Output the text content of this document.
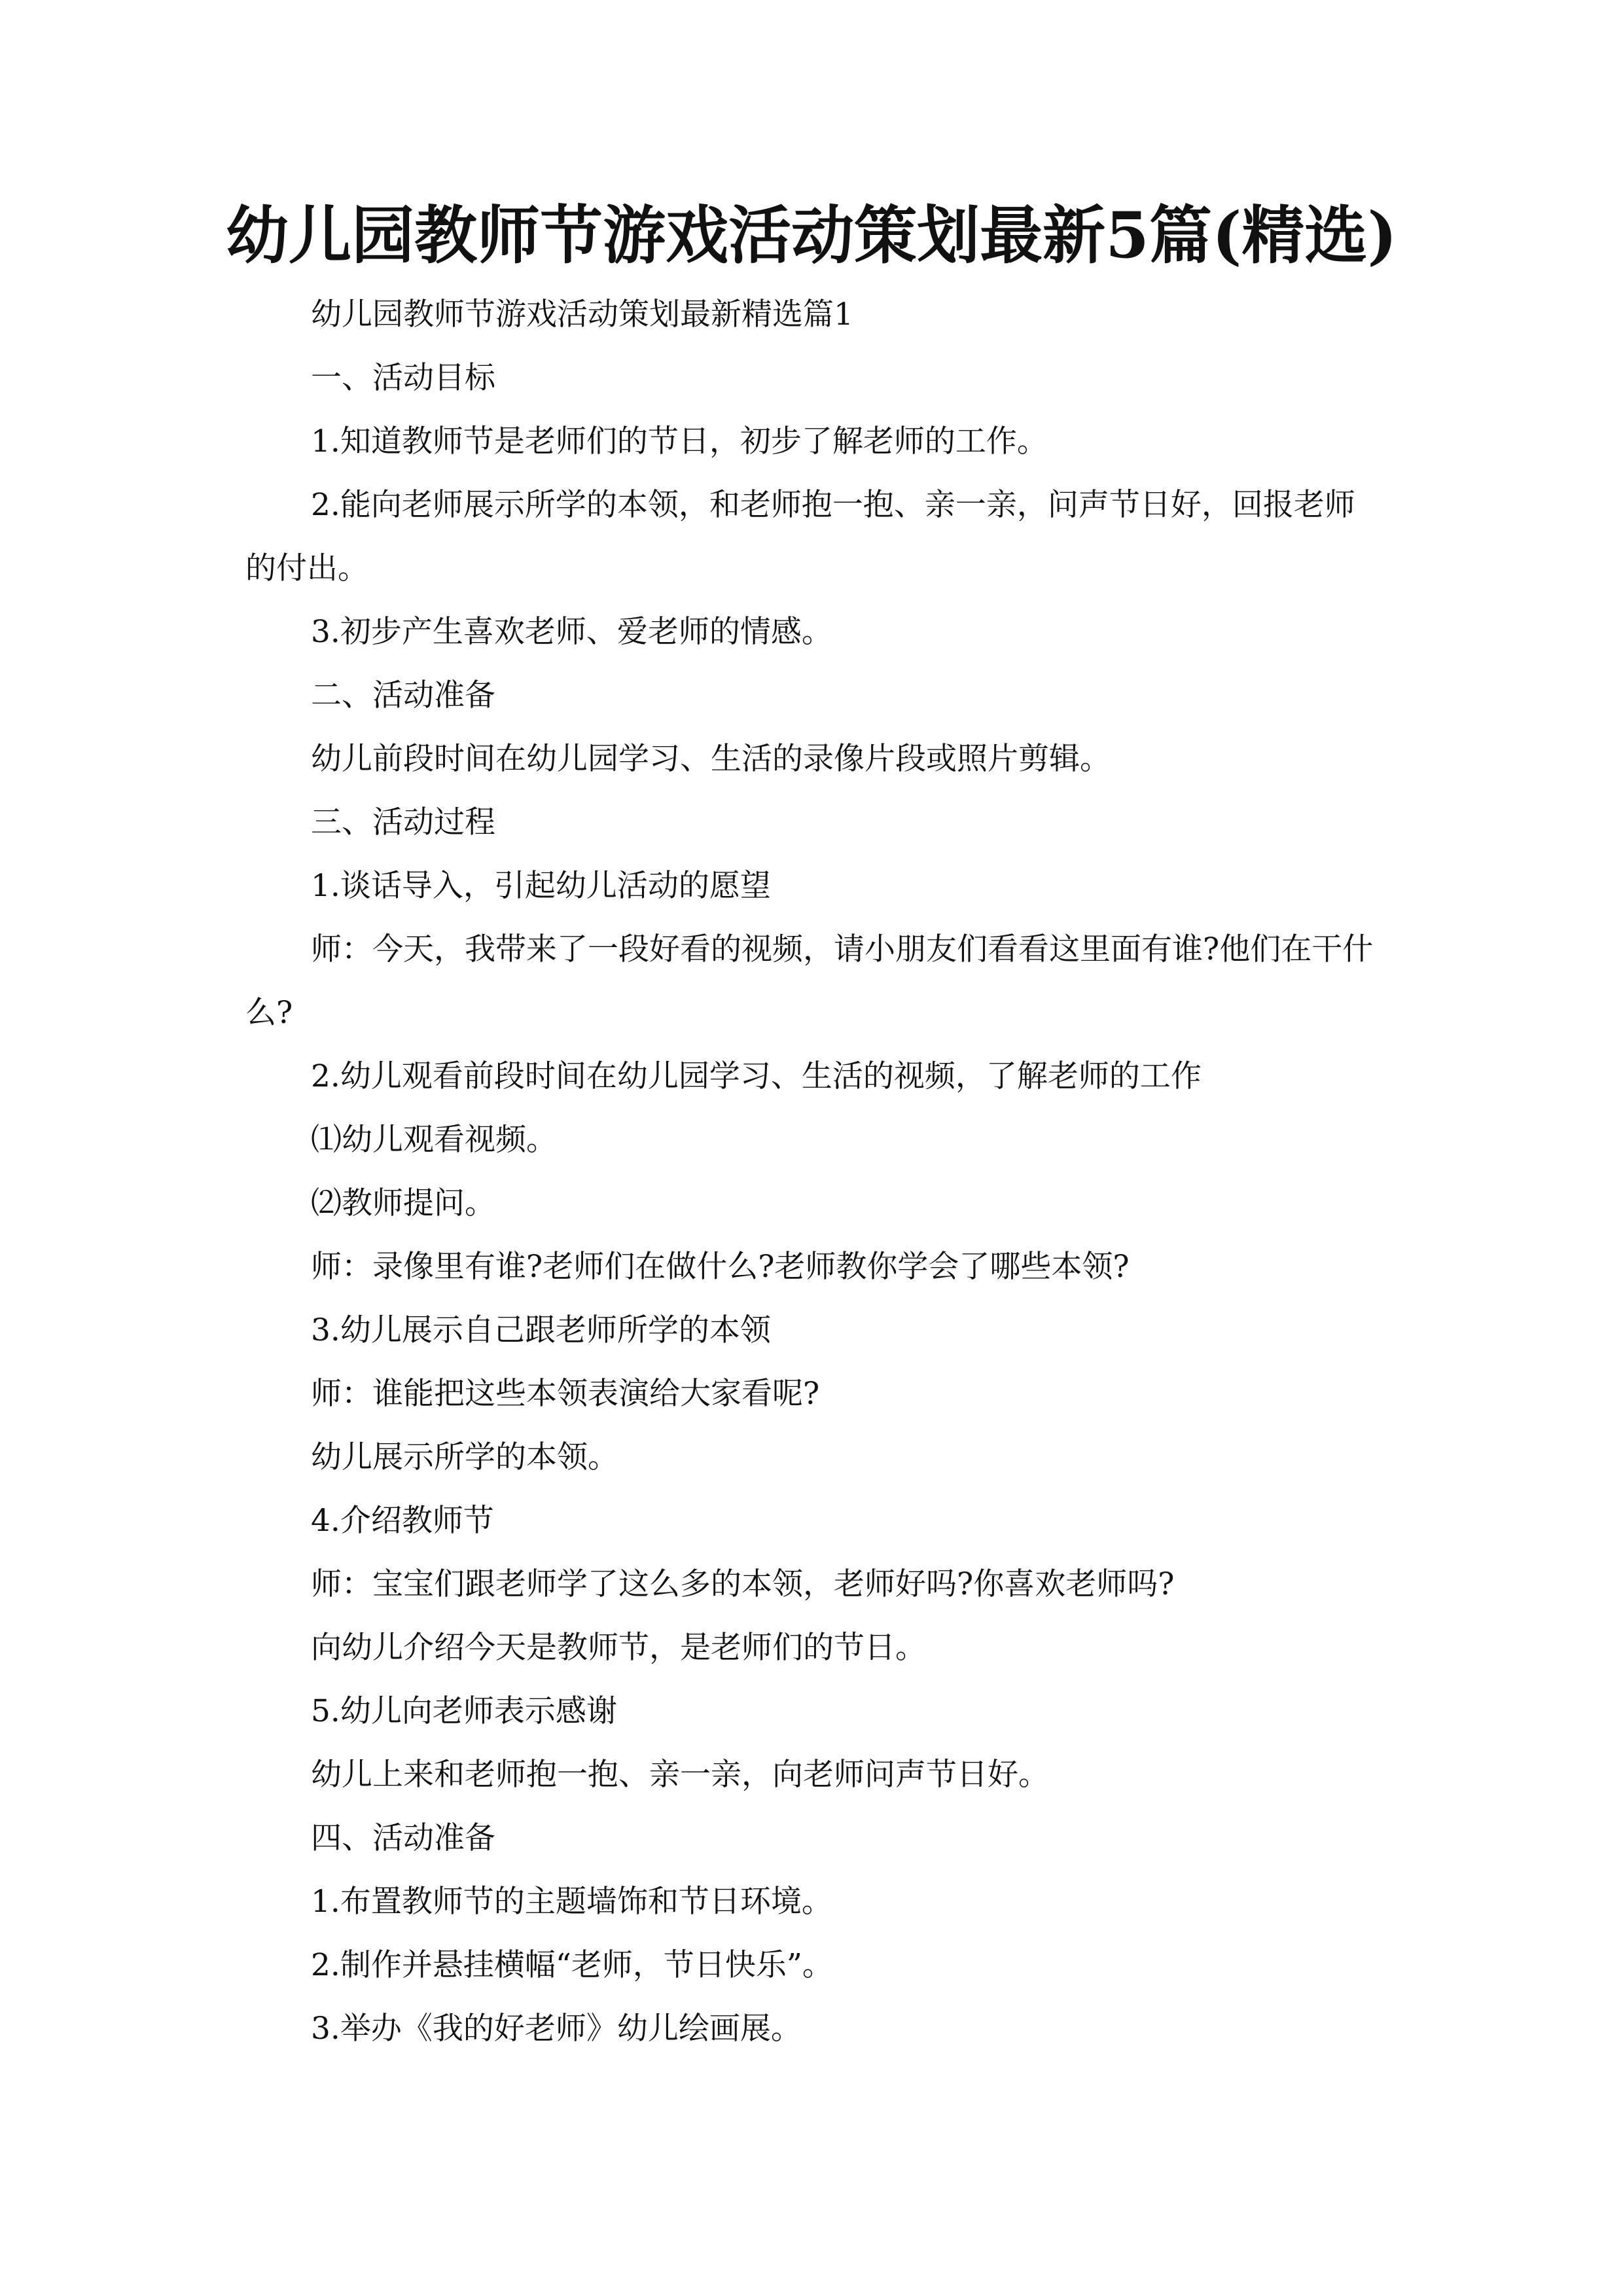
幼儿园教师节游戏活动策划最新5篇(精选)

幼儿园教师节游戏活动策划最新精选篇1

一、活动目标

1.知道教师节是老师们的节日，初步了解老师的工作。

2.能向老师展示所学的本领，和老师抱一抱、亲一亲，问声节日好，回报老师的付出。

3.初步产生喜欢老师、爱老师的情感。

二、活动准备

幼儿前段时间在幼儿园学习、生活的录像片段或照片剪辑。

三、活动过程

1.谈话导入，引起幼儿活动的愿望

师：今天，我带来了一段好看的视频，请小朋友们看看这里面有谁?他们在干什么?

2.幼儿观看前段时间在幼儿园学习、生活的视频，了解老师的工作

⑴幼儿观看视频。

⑵教师提问。

师：录像里有谁?老师们在做什么?老师教你学会了哪些本领?

3.幼儿展示自己跟老师所学的本领

师：谁能把这些本领表演给大家看呢?

幼儿展示所学的本领。

4.介绍教师节

师：宝宝们跟老师学了这么多的本领，老师好吗?你喜欢老师吗?

向幼儿介绍今天是教师节，是老师们的节日。

5.幼儿向老师表示感谢

幼儿上来和老师抱一抱、亲一亲，向老师问声节日好。

四、活动准备

1.布置教师节的主题墙饰和节日环境。

2.制作并悬挂横幅“老师，节日快乐”。

3.举办《我的好老师》幼儿绘画展。
